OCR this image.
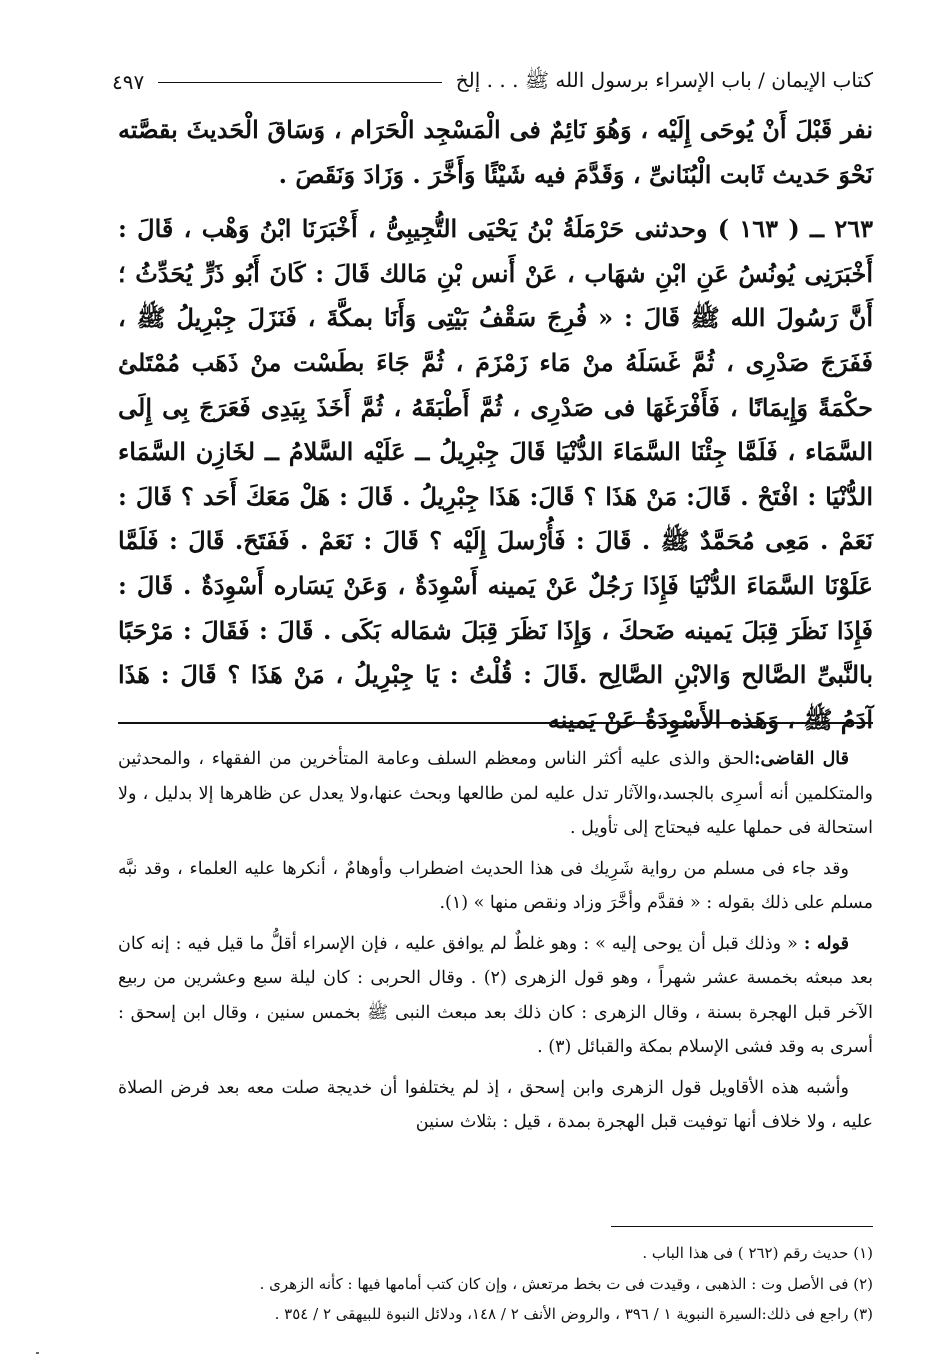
كتاب الإيمان / باب الإسراء برسول الله ﷺ . . . إلخ
٤٩٧

نفر قَبْلَ أَنْ يُوحَى إِلَيْه ، وَهُوَ نَائِمٌ فى الْمَسْجِد الْحَرَام ، وَسَاقَ الْحَديثَ بقصَّته نَحْوَ حَديث ثَابت الْبُنَانىِّ ، وَقَدَّمَ فيه شَيْئًا وَأَخَّرَ . وَزَادَ وَنَقَصَ .

٢٦٣ ــ ( ١٦٣ ) وحدثنى حَرْمَلَةُ بْنُ يَحْيَى التُّجِيبِىُّ ، أَخْبَرَنَا ابْنُ وَهْب ، قَالَ : أَخْبَرَنِى يُونُسُ عَنِ ابْنِ شهَاب ، عَنْ أَنس بْنِ مَالك قَالَ : كَانَ أَبُو ذَرٍّ يُحَدِّثُ ؛ أَنَّ رَسُولَ الله ﷺ قَالَ : « فُرِجَ سَقْفُ بَيْتِى وَأَنَا بمكَّةَ ، فَنَزَلَ جِبْرِيلُ ﷺ ، فَفَرَجَ صَدْرِى ، ثُمَّ غَسَلَهُ منْ مَاء زَمْزَمَ ، ثُمَّ جَاءَ بطَسْت منْ ذَهَب مُمْتَلئ حكْمَةً وَإِيمَانًا ، فَأَفْرَغَهَا فى صَدْرِى ، ثُمَّ أَطْبَقَهُ ، ثُمَّ أَخَذَ بِيَدِى فَعَرَجَ بِى إِلَى السَّمَاء ، فَلَمَّا جِئْنَا السَّمَاءَ الدُّنْيَا قَالَ جِبْرِيلُ ــ عَلَيْه السَّلامُ ــ لخَازِن السَّمَاء الدُّنْيَا : افْتَحْ . قَالَ: مَنْ هَذَا ؟ قَالَ: هَذَا جِبْرِيلُ . قَالَ : هَلْ مَعَكَ أَحَد ؟ قَالَ : نَعَمْ . مَعِى مُحَمَّدٌ ﷺ . قَالَ : فَأُرْسلَ إِلَيْه ؟ قَالَ : نَعَمْ . فَفَتَحَ. قَالَ : فَلَمَّا عَلَوْنَا السَّمَاءَ الدُّنْيَا فَإِذَا رَجُلٌ عَنْ يَمينه أَسْوِدَةٌ ، وَعَنْ يَسَاره أَسْوِدَةٌ . قَالَ : فَإِذَا نَظَرَ قِبَلَ يَمينه ضَحكَ ، وَإِذَا نَظَرَ قِبَلَ شمَاله بَكَى . قَالَ : فَقَالَ : مَرْحَبًا بالنَّبىِّ الصَّالح وَالابْنِ الصَّالِح .قَالَ : قُلْتُ : يَا جِبْرِيلُ ، مَنْ هَذَا ؟ قَالَ : هَذَا آدَمُ ﷺ ، وَهَذه الأَسْوِدَةُ عَنْ يَمينه

قال القاضى:الحق والذى عليه أكثر الناس ومعظم السلف وعامة المتأخرين من الفقهاء ، والمحدثين والمتكلمين أنه أسرِى بالجسد،والآثار تدل عليه لمن طالعها وبحث عنها،ولا يعدل عن ظاهرها إلا بدليل ، ولا استحالة فى حملها عليه فيحتاج إلى تأويل .

وقد جاء فى مسلم من رواية شَرِيك فى هذا الحديث اضطراب وأوهامٌ ، أنكرها عليه العلماء ، وقد نبَّه مسلم على ذلك بقوله : « فقدَّم وأخَّرَ وزاد ونقص منها » (١).

قوله : « وذلك قبل أن يوحى إليه » : وهو غلطٌ لم يوافق عليه ، فإن الإسراء أقلُّ ما قيل فيه : إنه كان بعد مبعثه بخمسة عشر شهراً ، وهو قول الزهرى (٢) . وقال الحربى : كان ليلة سبع وعشرين من ربيع الآخر قبل الهجرة بسنة ، وقال الزهرى : كان ذلك بعد مبعث النبى ﷺ بخمس سنين ، وقال ابن إسحق : أسرى به وقد فشى الإسلام بمكة والقبائل (٣) .

وأشبه هذه الأقاويل قول الزهرى وابن إسحق ، إذ لم يختلفوا أن خديجة صلت معه بعد فرض الصلاة عليه ، ولا خلاف أنها توفيت قبل الهجرة بمدة ، قيل : بثلاث سنين

(١) حديث رقم (٢٦٢ ) فى هذا الباب .

(٢) فى الأصل وت : الذهبى ، وقيدت فى ت بخط مرتعش ، وإن كان كتب أمامها فيها : كأنه الزهرى .

(٣) راجع فى ذلك:السيرة النبوية ١ / ٣٩٦ ، والروض الأنف ٢ / ١٤٨، ودلائل النبوة للبيهقى ٢ / ٣٥٤ .
